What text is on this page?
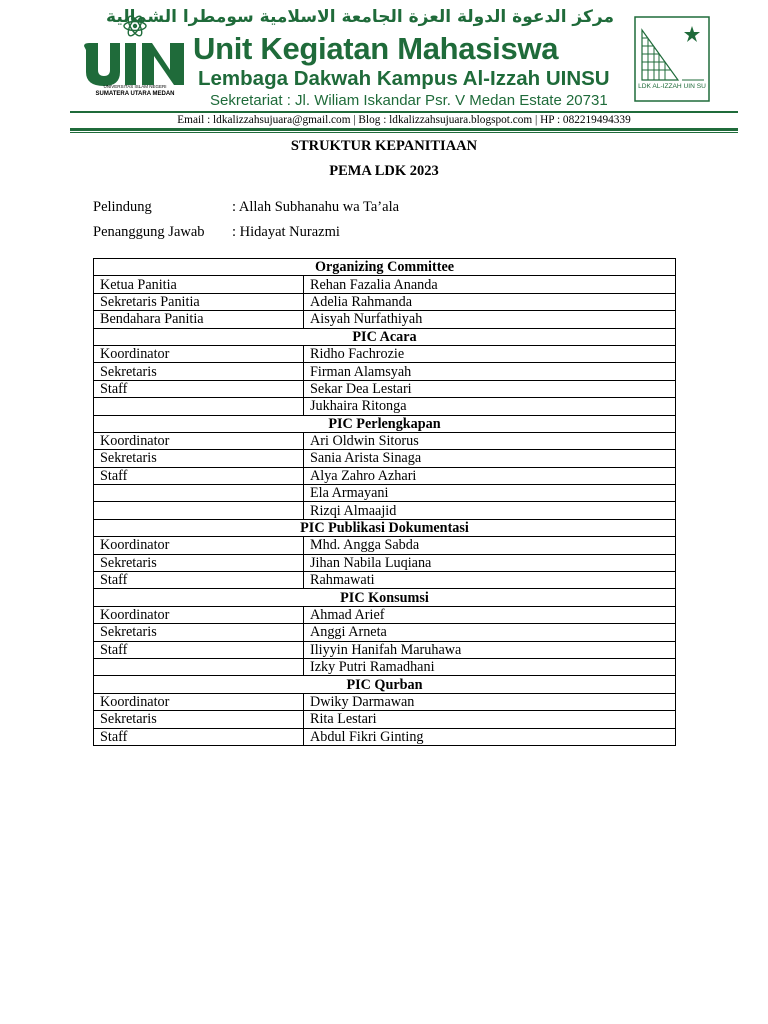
UNIVERSITAS ISLAM NEGERI
SUMATERA UTARA MEDAN
مركز الدعوة الدولة العزة الجامعة الاسلامية سومطرا الشمالية
Unit Kegiatan Mahasiswa
Lembaga Dakwah Kampus Al-Izzah UINSU
Sekretariat : Jl. Wiliam Iskandar Psr. V Medan Estate 20731
LDK AL-IZZAH UIN SU
Email : ldkalizzahsujuara@gmail.com | Blog : ldkalizzahsujuara.blogspot.com | HP : 082219494339
STRUKTUR KEPANITIAAN
PEMA LDK 2023
Pelindung	: Allah Subhanahu wa Ta’ala
Penanggung Jawab : Hidayat Nurazmi
Organizing Committee	
Ketua Panitia	Rehan Fazalia Ananda
Sekretaris Panitia	Adelia Rahmanda
Bendahara Panitia	Aisyah Nurfathiyah
PIC Acara	
Koordinator	Ridho Fachrozie
Sekretaris	Firman Alamsyah
Staff	Sekar Dea Lestari
	Jukhaira Ritonga
PIC Perlengkapan	
Koordinator	Ari Oldwin Sitorus
Sekretaris	Sania Arista Sinaga
Staff	Alya Zahro Azhari
	Ela Armayani
	Rizqi Almaajid
PIC Publikasi Dokumentasi	
Koordinator	Mhd. Angga Sabda
Sekretaris	Jihan Nabila Luqiana
Staff	Rahmawati
PIC Konsumsi	
Koordinator	Ahmad Arief
Sekretaris	Anggi Arneta
Staff	Iliyyin Hanifah Maruhawa
	Izky Putri Ramadhani
PIC Qurban	
Koordinator	Dwiky Darmawan
Sekretaris	Rita Lestari
Staff	Abdul Fikri Ginting
